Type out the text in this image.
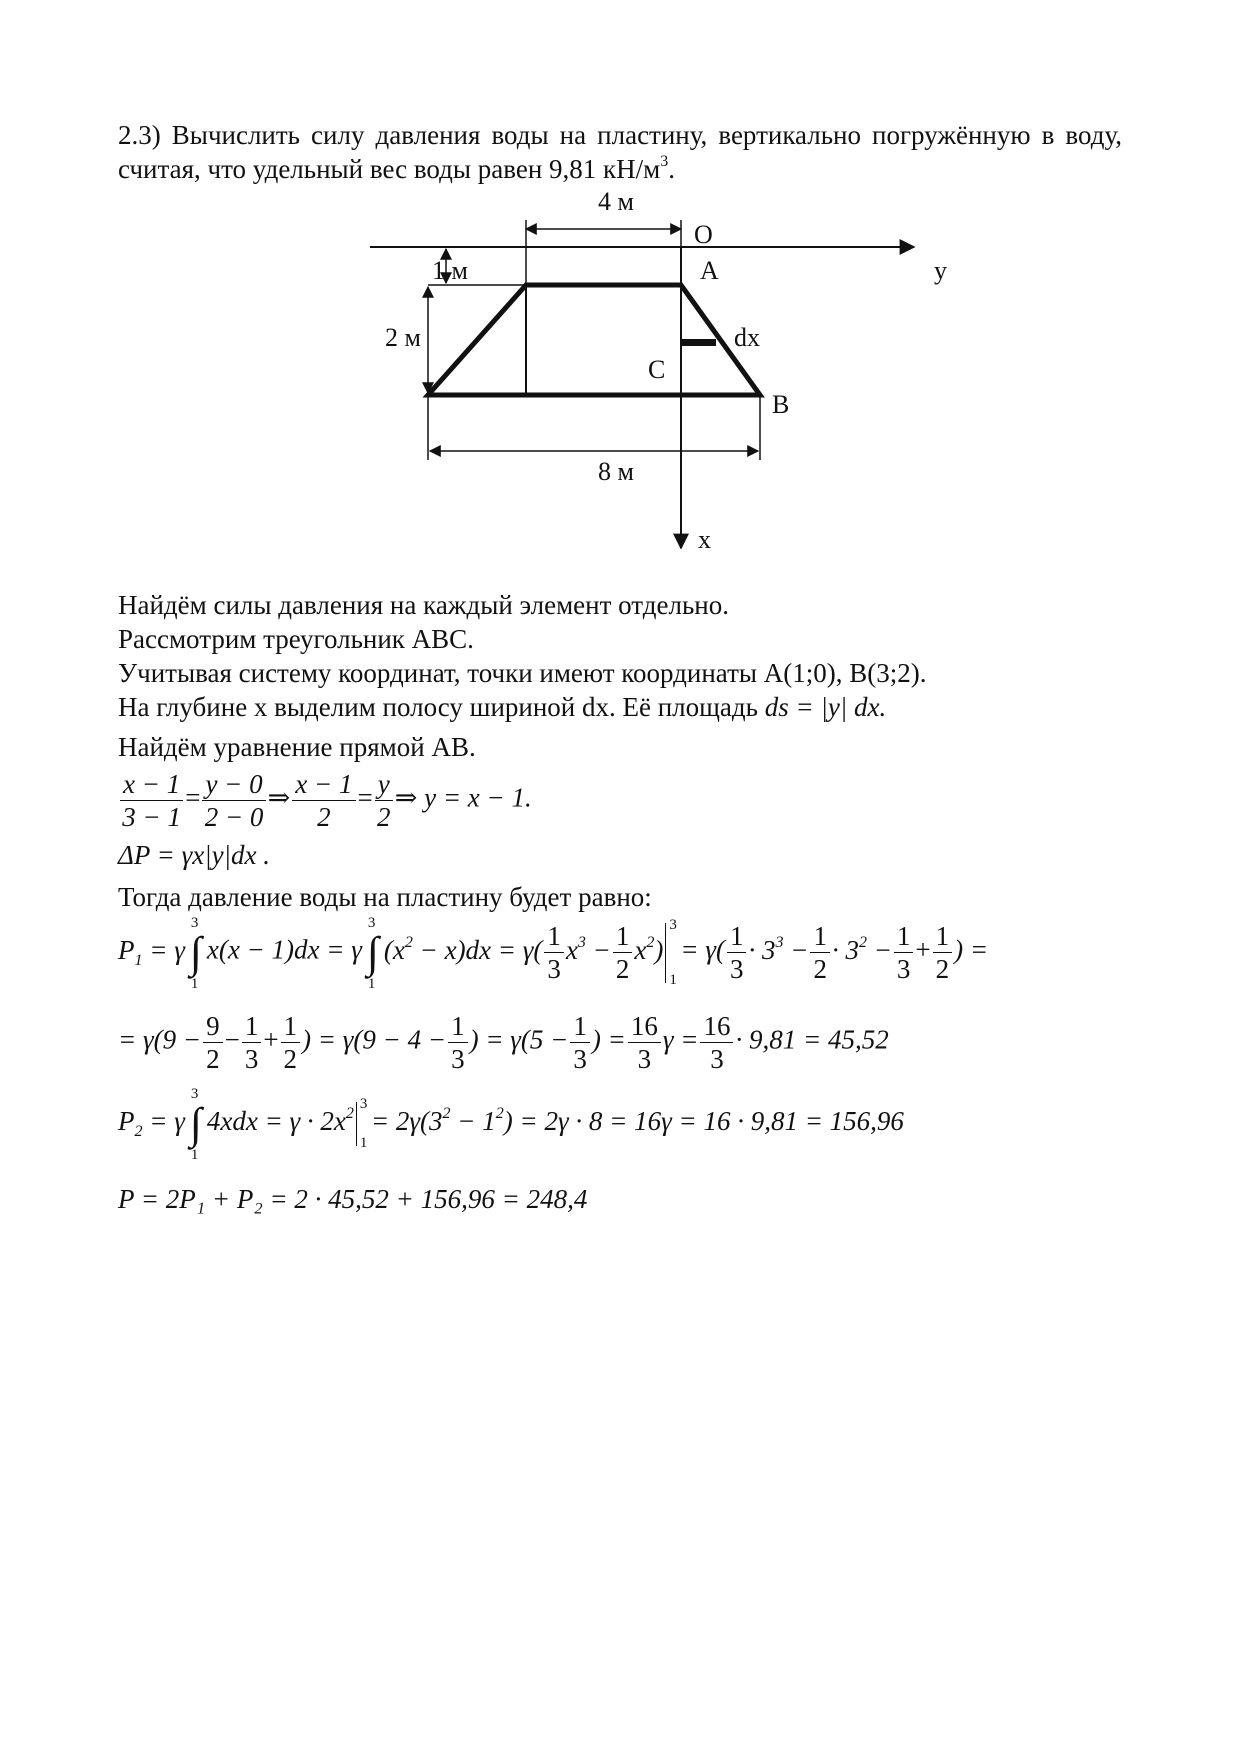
2.3) Вычислить силу давления воды на пластину, вертикально погружённую в воду, считая, что удельный вес воды равен 9,81 $кН/м^3$.
4 м
O
1 м	A	y
2 м	dx
C
B
8 м
x
Найдём силы давления на каждый элемент отдельно.
Рассмотрим треугольник ABC.
Учитывая систему координат, точки имеют координаты A(1;0), B(3;2).
На глубине x выделим полосу шириной dx. Её площадь ds = |y| dx.
Найдём уравнение прямой AB.
$\frac{x - 1}{3 - 1} = \frac{y - 0}{2 - 0}$ ⇒ $\frac{x - 1}{2} = \frac{y}{2}$ ⇒ y = x − 1.
ΔP = γx|y|dx .
Тогда давление воды на пластину будет равно:
$P_1 = \gamma$
3
∫
1
x(x − 1)dx = γ
3
∫
1
$(x^2 - x)dx = \gamma( \frac{1}{3} x^3 - \frac{1}{2} x^2)$
3
1
= $\gamma( \frac{1}{3} \cdot 3^3 - \frac{1}{2} \cdot 3^2 - \frac{1}{3} + \frac{1}{2}$ ) =
= $\gamma(9 - \frac{9}{2} - \frac{1}{3} + \frac{1}{2}$ ) = $\gamma(9 - 4 - \frac{1}{3}$ ) = $\gamma(5 - \frac{1}{3}$ ) = $\frac{16}{3}$ $\gamma = \frac{16}{3} \cdot 9,81 = 45,52$
$P_2 = \gamma$
3
∫
1
$4xdx = \gamma \cdot 2x^2$
3
1
= $2\gamma(3^2 - 1^2) = 2\gamma \cdot 8 = 16\gamma = 16 \cdot 9,81 = 156,96$
P = 2P₁ + P₂ = 2 · 45,52 + 156,96 = 248,4
